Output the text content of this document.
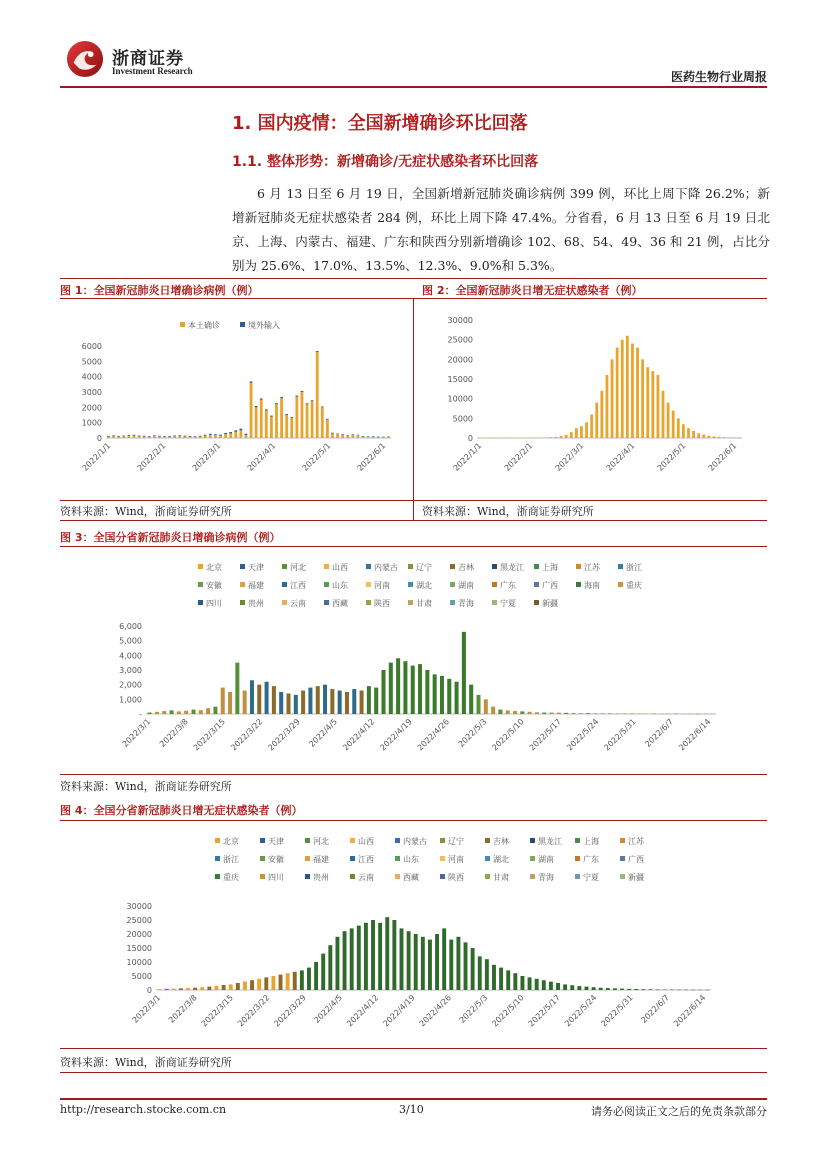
浙商证券
Investment Research	医药生物行业周报
1. 国内疫情：全国新增确诊环比回落
1.1. 整体形势：新增确诊/无症状感染者环比回落

6 月 13 日至 6 月 19 日，全国新增新冠肺炎确诊病例 399 例，环比上周下降 26.2%；新增新冠肺炎无症状感染者 284 例，环比上周下降 47.4%。分省看，6 月 13 日至 6 月 19 日北京、上海、内蒙古、福建、广东和陕西分别新增确诊 102、68、54、49、36 和 21 例，占比分别为 25.6%、17.0%、13.5%、12.3%、9.0%和 5.3%。

图 1：全国新冠肺炎日增确诊病例（例）	图 2：全国新冠肺炎日增无症状感染者（例）
本土确诊	境外输入
0
1000
2000
3000
4000
5000
6000
2022/1/1	2022/2/1	2022/3/1	2022/4/1	2022/5/1	2022/6/1
0
5000
10000
15000
20000
25000
30000
2022/1/1 2022/2/1 2022/3/1 2022/4/1 2022/5/1 2022/6/1
资料来源：Wind，浙商证券研究所	资料来源：Wind，浙商证券研究所
图 3：全国分省新冠肺炎日增确诊病例（例）
北京	天津	河北	山西	内蒙古 辽宁	吉林	黑龙江 上海	江苏	浙江
安徽	福建	江西	山东	河南	湖北	湖南	广东	广西	海南	重庆
四川	贵州	云南	西藏	陕西	甘肃	青海	宁夏	新疆
-
1,000
2,000
3,000
4,000
5,000
6,000
2022/3/1 2022/3/8 2022/3/15 2022/3/22 2022/3/29 2022/4/5 2022/4/12 2022/4/19 2022/4/26 2022/5/3 2022/5/10 2022/5/17 2022/5/24 2022/5/31 2022/6/7 2022/6/14
资料来源：Wind，浙商证券研究所
图 4：全国分省新冠肺炎日增无症状感染者（例）
北京	天津	河北	山西	内蒙古	辽宁	吉林	黑龙江	上海	江苏
浙江	安徽	福建	江西	山东	河南	湖北	湖南	广东	广西
重庆	四川	贵州	云南	西藏	陕西	甘肃	青海	宁夏	新疆
0
5000
10000
15000
20000
25000
30000
2022/3/1 2022/3/8 2022/3/15 2022/3/22 2022/3/29 2022/4/5 2022/4/12 2022/4/19 2022/4/26 2022/5/3 2022/5/10 2022/5/17 2022/5/24 2022/5/31 2022/6/7 2022/6/14
资料来源：Wind，浙商证券研究所
http://research.stocke.com.cn	3/10	请务必阅读正文之后的免责条款部分
